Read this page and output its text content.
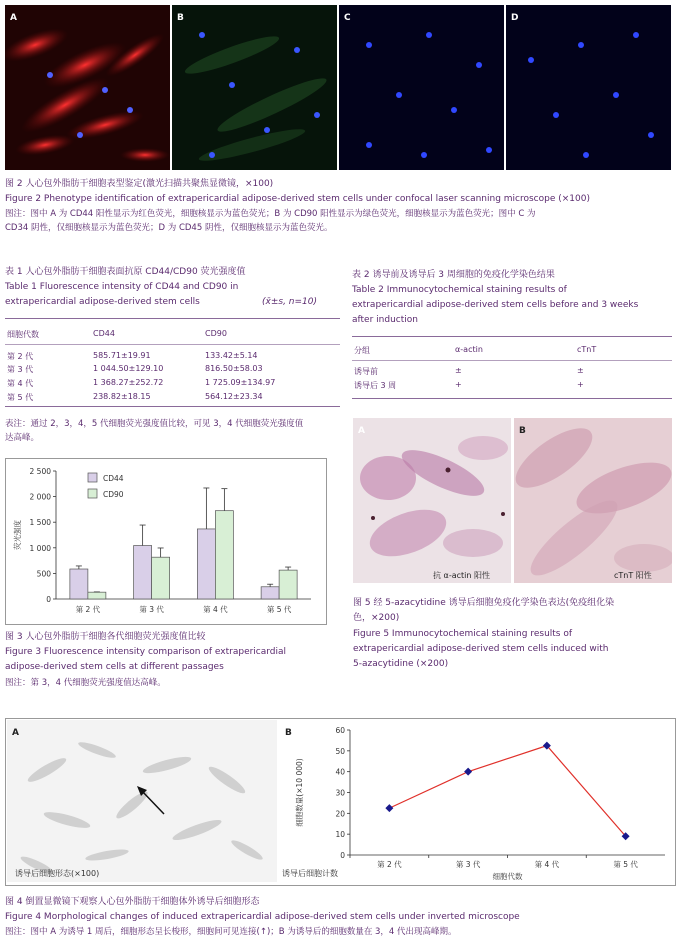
A	B	C	D
图 2 人心包外脂肪干细胞表型鉴定(激光扫描共聚焦显微镜，×100)
Figure 2 Phenotype identification of extrapericardial adipose-derived stem cells under confocal laser scanning microscope (×100)
图注：图中 A 为 CD44 阳性显示为红色荧光，细胞核显示为蓝色荧光；B 为 CD90 阳性显示为绿色荧光，细胞核显示为蓝色荧光；图中 C 为
CD34 阴性，仅细胞核显示为蓝色荧光；D 为 CD45 阴性，仅细胞核显示为蓝色荧光。
表 1 人心包外脂肪干细胞表面抗原 CD44/CD90 荧光强度值
Table 1 Fluorescence intensity of CD44 and CD90 in
extrapericardial adipose-derived stem cells	(x̄±s, n=10)
细胞代数	CD44	CD90
第 2 代	585.71±19.91	133.42±5.14
第 3 代	1 044.50±129.10	816.50±58.03
第 4 代	1 368.27±252.72	1 725.09±134.97
第 5 代	238.82±18.15	564.12±23.34
表注：通过 2，3，4，5 代细胞荧光强度值比较，可见 3，4 代细胞荧光强度值
达高峰。
表 2 诱导前及诱导后 3 周细胞的免疫化学染色结果
Table 2 Immunocytochemical staining results of
extrapericardial adipose-derived stem cells before and 3 weeks
after induction
分组	α-actin	cTnT
诱导前	±	±
诱导后 3 周	+	+
0
500
1 000
1 500
2 000
2 500
荧光强度
第 2 代	第 3 代	第 4 代	第 5 代
CD44
CD90
图 3 人心包外脂肪干细胞各代细胞荧光强度值比较
Figure 3 Fluorescence intensity comparison of extrapericardial
adipose-derived stem cells at different passages
图注：第 3，4 代细胞荧光强度值达高峰。
A
抗 α-actin 阳性
B
cTnT 阳性
图 5 经 5-azacytidine 诱导后细胞免疫化学染色表达(免疫组化染
色，×200)
Figure 5 Immunocytochemical staining results of
extrapericardial adipose-derived stem cells induced with
5-azacytidine (×200)
A
诱导后细胞形态(×100)
0
10
20
30
40
50
60
细胞数量(×10 000)
第 2 代	第 3 代	第 4 代	第 5 代
细胞代数
B
诱导后细胞计数
图 4 倒置显微镜下观察人心包外脂肪干细胞体外诱导后细胞形态
Figure 4 Morphological changes of induced extrapericardial adipose-derived stem cells under inverted microscope
图注：图中 A 为诱导 1 周后，细胞形态呈长梭形，细胞间可见连接(↑)；B 为诱导后的细胞数量在 3，4 代出现高峰期。
